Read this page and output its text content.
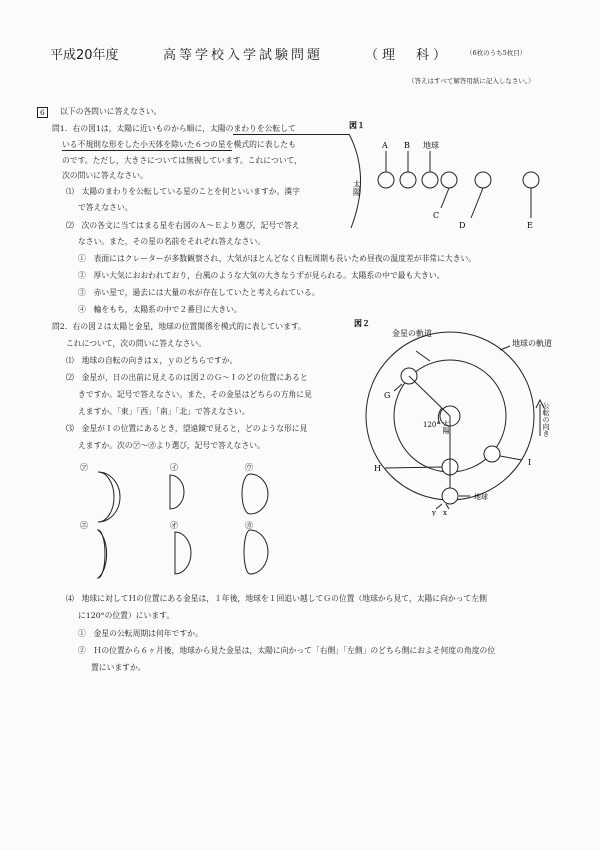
平成20年度	高等学校入学試験問題	（理　科） （6枚のうち5枚目）
（答えはすべて解答用紙に記入しなさい。）
6	以下の各問いに答えなさい。
問1．右の図1は，太陽に近いものから順に，太陽のまわりを公転して
いる不規則な形をした小天体を除いた６つの星を模式的に表したも
のです。ただし，大きさについては無視しています。これについて，
次の問いに答えなさい。
⑴　太陽のまわりを公転している星のことを何といいますか。漢字
で答えなさい。
⑵　次の各文に当てはまる星を右図のＡ～Ｅより選び，記号で答え
なさい。また，その星の名前をそれぞれ答えなさい。
①　表面にはクレーターが多数観察され，大気がほとんどなく自転周期も長いため昼夜の温度差が非常に大きい。
②　厚い大気におおわれており，台風のような大気の大きなうずが見られる。太陽系の中で最も大きい。
③　赤い星で，過去には大量の水が存在していたと考えられている。
④　輪をもち，太陽系の中で２番目に大きい。
問2．右の図２は太陽と金星，地球の位置関係を模式的に表しています。
これについて，次の問いに答えなさい。
⑴　地球の自転の向きはｘ，ｙのどちらですか。
⑵　金星が，日の出前に見えるのは図２のＧ～Ｉのどの位置にあると
きですか。記号で答えなさい。また，その金星はどちらの方角に見
えますか。「東」「西」「南」「北」で答えなさい。
⑶　金星がＩの位置にあるとき，望遠鏡で見ると，どのような形に見
えますか。次の㋐～㋕より選び，記号で答えなさい。
㋐	㋑	㋒
㋓	㋔	㋕
⑷　地球に対してＨの位置にある金星は，１年後，地球を１回追い越してＧの位置（地球から見て，太陽に向かって左側
に120°の位置）にいます。
①　金星の公転周期は何年ですか。
②　Ｈの位置から６ヶ月後，地球から見た金星は，太陽に向かって「右側」「左側」のどちら側におよそ何度の角度の位
置にいますか。
図１
太陽
A B 地球
C
D	E
図２
金星の軌道
地球の軌道
太陽	公転の向き
120°
地球
G
H
I
x
y
